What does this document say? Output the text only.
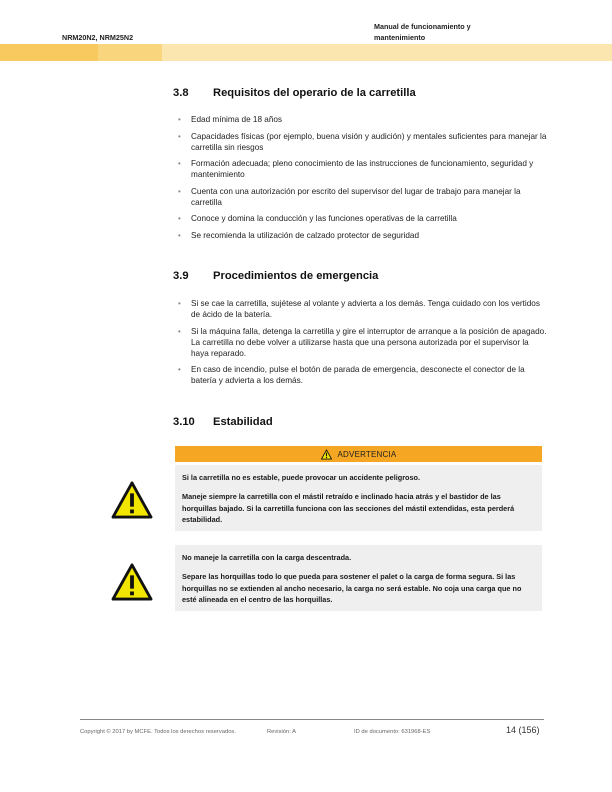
NRM20N2, NRM25N2
Manual de funcionamiento y
mantenimiento
3.8 Requisitos del operario de la carretilla
• Edad mínima de 18 años
• Capacidades físicas (por ejemplo, buena visión y audición) y mentales suficientes para manejar la carretilla sin riesgos
• Formación adecuada; pleno conocimiento de las instrucciones de funcionamiento, seguridad y mantenimiento
• Cuenta con una autorización por escrito del supervisor del lugar de trabajo para manejar la carretilla
• Conoce y domina la conducción y las funciones operativas de la carretilla
• Se recomienda la utilización de calzado protector de seguridad
3.9 Procedimientos de emergencia
• Si se cae la carretilla, sujétese al volante y advierta a los demás. Tenga cuidado con los vertidos de ácido de la batería.
• Si la máquina falla, detenga la carretilla y gire el interruptor de arranque a la posición de apagado. La carretilla no debe volver a utilizarse hasta que una persona autorizada por el supervisor la haya reparado.
• En caso de incendio, pulse el botón de parada de emergencia, desconecte el conector de la batería y advierta a los demás.
3.10 Estabilidad
ADVERTENCIA

Si la carretilla no es estable, puede provocar un accidente peligroso.

Maneje siempre la carretilla con el mástil retraído e inclinado hacia atrás y el bastidor de las horquillas bajado. Si la carretilla funciona con las secciones del mástil extendidas, esta perderá estabilidad.

No maneje la carretilla con la carga descentrada.

Separe las horquillas todo lo que pueda para sostener el palet o la carga de forma segura. Si las horquillas no se extienden al ancho necesario, la carga no será estable. No coja una carga que no esté alineada en el centro de las horquillas.

Copyright © 2017 by MCFE. Todos los derechos reservados.	Revisión: A	ID de documento: 631968-ES	14 (156)
